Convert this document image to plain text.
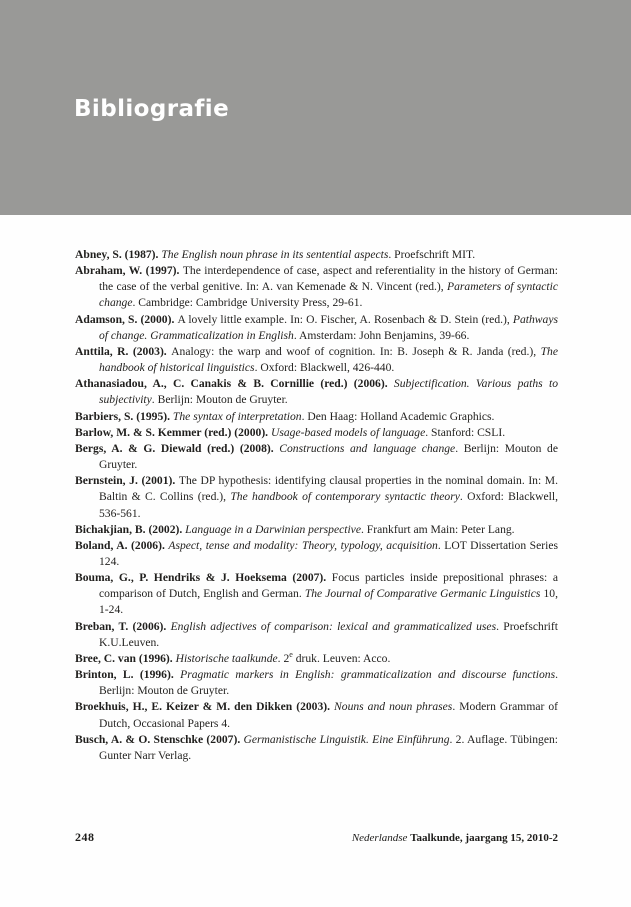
Bibliografie

Abney, S. (1987). The English noun phrase in its sentential aspects. Proefschrift MIT.

Abraham, W. (1997). The interdependence of case, aspect and referentiality in the history of German: the case of the verbal genitive. In: A. van Kemenade & N. Vincent (red.), Parameters of syntactic change. Cambridge: Cambridge University Press, 29-61.

Adamson, S. (2000). A lovely little example. In: O. Fischer, A. Rosenbach & D. Stein (red.), Pathways of change. Grammaticalization in English. Amsterdam: John Benjamins, 39-66.

Anttila, R. (2003). Analogy: the warp and woof of cognition. In: B. Joseph & R. Janda (red.), The handbook of historical linguistics. Oxford: Blackwell, 426-440.

Athanasiadou, A., C. Canakis & B. Cornillie (red.) (2006). Subjectification. Various paths to subjectivity. Berlijn: Mouton de Gruyter.

Barbiers, S. (1995). The syntax of interpretation. Den Haag: Holland Academic Graphics.

Barlow, M. & S. Kemmer (red.) (2000). Usage-based models of language. Stanford: CSLI.

Bergs, A. & G. Diewald (red.) (2008). Constructions and language change. Berlijn: Mouton de Gruyter.

Bernstein, J. (2001). The DP hypothesis: identifying clausal properties in the nominal domain. In: M. Baltin & C. Collins (red.), The handbook of contemporary syntactic theory. Oxford: Blackwell, 536-561.

Bichakjian, B. (2002). Language in a Darwinian perspective. Frankfurt am Main: Peter Lang.

Boland, A. (2006). Aspect, tense and modality: Theory, typology, acquisition. LOT Dissertation Series 124.

Bouma, G., P. Hendriks & J. Hoeksema (2007). Focus particles inside prepositional phrases: a comparison of Dutch, English and German. The Journal of Comparative Germanic Linguistics 10, 1-24.

Breban, T. (2006). English adjectives of comparison: lexical and grammaticalized uses. Proefschrift K.U.Leuven.

Bree, C. van (1996). Historische taalkunde. 2e druk. Leuven: Acco.

Brinton, L. (1996). Pragmatic markers in English: grammaticalization and discourse functions. Berlijn: Mouton de Gruyter.

Broekhuis, H., E. Keizer & M. den Dikken (2003). Nouns and noun phrases. Modern Grammar of Dutch, Occasional Papers 4.

Busch, A. & O. Stenschke (2007). Germanistische Linguistik. Eine Einführung. 2. Auflage. Tübingen: Gunter Narr Verlag.

248	Nederlandse Taalkunde, jaargang 15, 2010-2
